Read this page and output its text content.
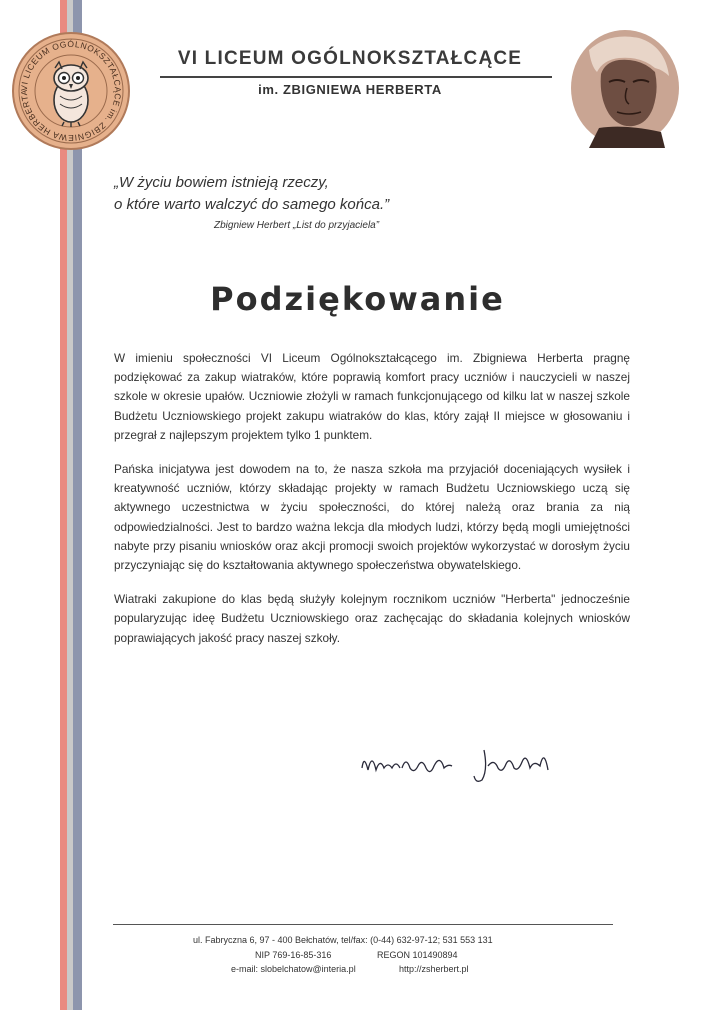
VI LICEUM OGÓLNOKSZTAŁCĄCE im. ZBIGNIEWA HERBERTA
VI LICEUM OGÓLNOKSZTAŁCĄCE
im. ZBIGNIEWA HERBERTA
„W życiu bowiem istnieją rzeczy,
o które warto walczyć do samego końca.”
Zbigniew Herbert „List do przyjaciela”
Podziękowanie

W imieniu społeczności VI Liceum Ogólnokształcącego im. Zbigniewa Herberta pragnę podziękować za zakup wiatraków, które poprawią komfort pracy uczniów i nauczycieli w naszej szkole w okresie upałów. Uczniowie złożyli w ramach funkcjonującego od kilku lat w naszej szkole Budżetu Uczniowskiego projekt zakupu wiatraków do klas, który zajął II miejsce w głosowaniu i przegrał z najlepszym projektem tylko 1 punktem.

Pańska inicjatywa jest dowodem na to, że nasza szkoła ma przyjaciół doceniających wysiłek i kreatywność uczniów, którzy składając projekty w ramach Budżetu Uczniowskiego uczą się aktywnego uczestnictwa w życiu społeczności, do której należą oraz brania za nią odpowiedzialności. Jest to bardzo ważna lekcja dla młodych ludzi, którzy będą mogli umiejętności nabyte przy pisaniu wniosków oraz akcji promocji swoich projektów wykorzystać w dorosłym życiu przyczyniając się do kształtowania aktywnego społeczeństwa obywatelskiego.

Wiatraki zakupione do klas będą służyły kolejnym rocznikom uczniów "Herberta" jednocześnie popularyzując ideę Budżetu Uczniowskiego oraz zachęcając do składania kolejnych wniosków poprawiających jakość pracy naszej szkoły.

ul. Fabryczna 6, 97 - 400 Bełchatów, tel/fax: (0-44) 632-97-12; 531 553 131
NIP 769-16-85-316	REGON 101490894
e-mail: slobelchatow@interia.pl	http://zsherbert.pl
